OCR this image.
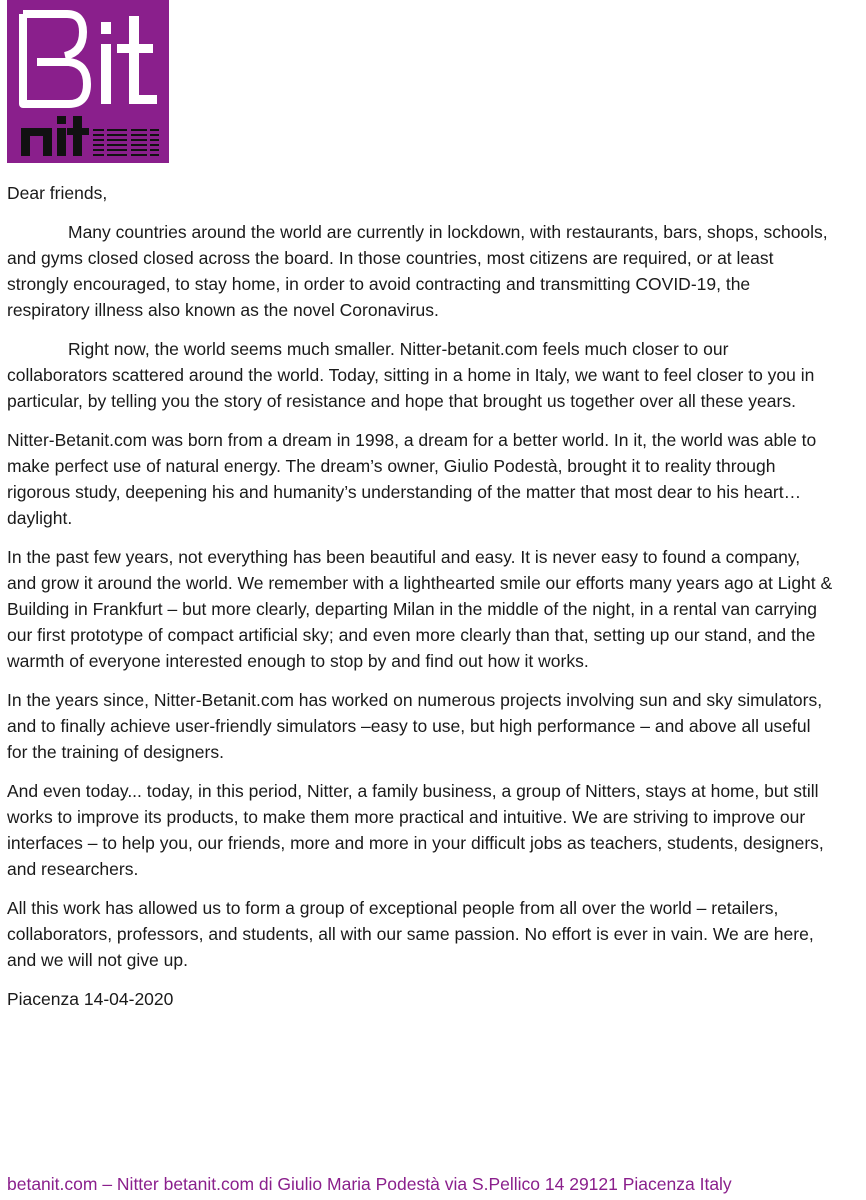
Dear friends,

Many countries around the world are currently in lockdown, with restaurants, bars, shops, schools, and gyms closed closed across the board. In those countries, most citizens are required, or at least strongly encouraged, to stay home, in order to avoid contracting and transmitting COVID-19, the respiratory illness also known as the novel Coronavirus.

Right now, the world seems much smaller. Nitter-betanit.com feels much closer to our collaborators scattered around the world. Today, sitting in a home in Italy, we want to feel closer to you in particular, by telling you the story of resistance and hope that brought us together over all these years.

Nitter-Betanit.com was born from a dream in 1998, a dream for a better world. In it, the world was able to make perfect use of natural energy. The dream’s owner, Giulio Podestà, brought it to reality through rigorous study, deepening his and humanity’s understanding of the matter that most dear to his heart…daylight.

In the past few years, not everything has been beautiful and easy. It is never easy to found a company, and grow it around the world. We remember with a lighthearted smile our efforts many years ago at Light & Building in Frankfurt – but more clearly, departing Milan in the middle of the night, in a rental van carrying our first prototype of compact artificial sky; and even more clearly than that, setting up our stand, and the warmth of everyone interested enough to stop by and find out how it works.

In the years since, Nitter-Betanit.com has worked on numerous projects involving sun and sky simulators, and to finally achieve user-friendly simulators –easy to use, but high performance – and above all useful for the training of designers.

And even today... today, in this period, Nitter, a family business, a group of Nitters, stays at home, but still works to improve its products, to make them more practical and intuitive. We are striving to improve our interfaces – to help you, our friends, more and more in your difficult jobs as teachers, students, designers, and researchers.

All this work has allowed us to form a group of exceptional people from all over the world – retailers, collaborators, professors, and students, all with our same passion. No effort is ever in vain. We are here, and we will not give up.

Piacenza 14-04-2020

betanit.com – Nitter betanit.com di Giulio Maria Podestà via S.Pellico 14 29121 Piacenza Italy
